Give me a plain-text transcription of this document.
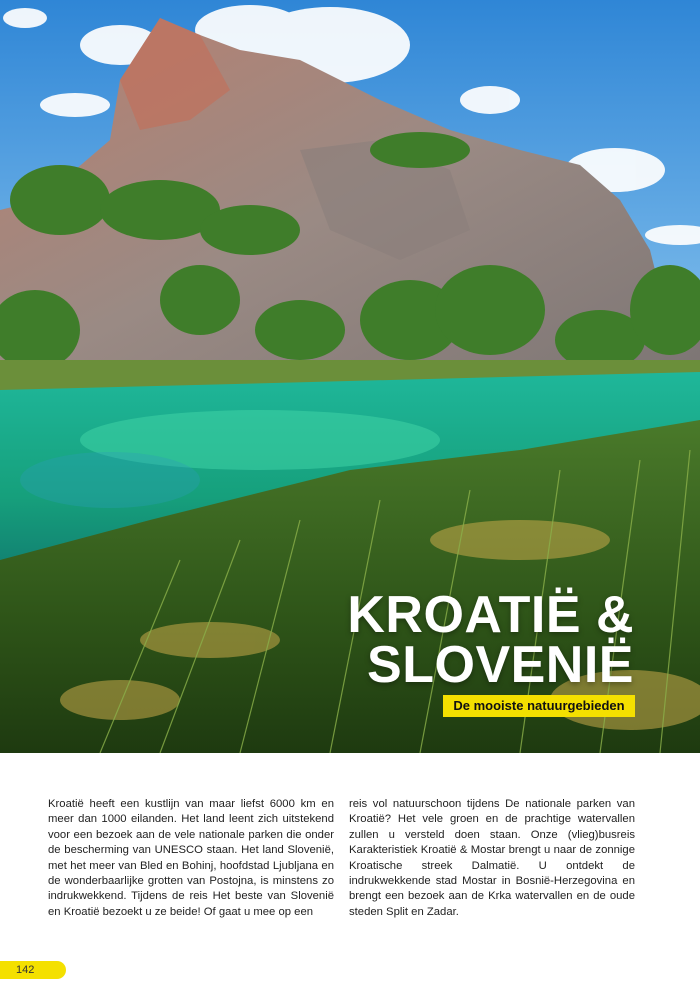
KROATIË &
SLOVENIË
De mooiste natuurgebieden
Kroatië heeft een kustlijn van maar liefst 6000 km en meer dan 1000 eilanden. Het land leent zich uitstekend voor een bezoek aan de vele nationale parken die onder de bescherming van UNESCO staan. Het land Slovenië, met het meer van Bled en Bohinj, hoofdstad Ljubljana en de wonderbaarlijke grotten van Postojna, is minstens zo indrukwekkend. Tijdens de reis Het beste van Slovenië en Kroatië bezoekt u ze beide! Of gaat u mee op een
reis vol natuurschoon tijdens De nationale parken van Kroatië? Het vele groen en de prachtige watervallen zullen u versteld doen staan. Onze (vlieg)busreis Karakteristiek Kroatië & Mostar brengt u naar de zonnige Kroatische streek Dalmatië. U ontdekt de indrukwekkende stad Mostar in Bosnië-Herzegovina en brengt een bezoek aan de Krka watervallen en de oude steden Split en Zadar.
142
